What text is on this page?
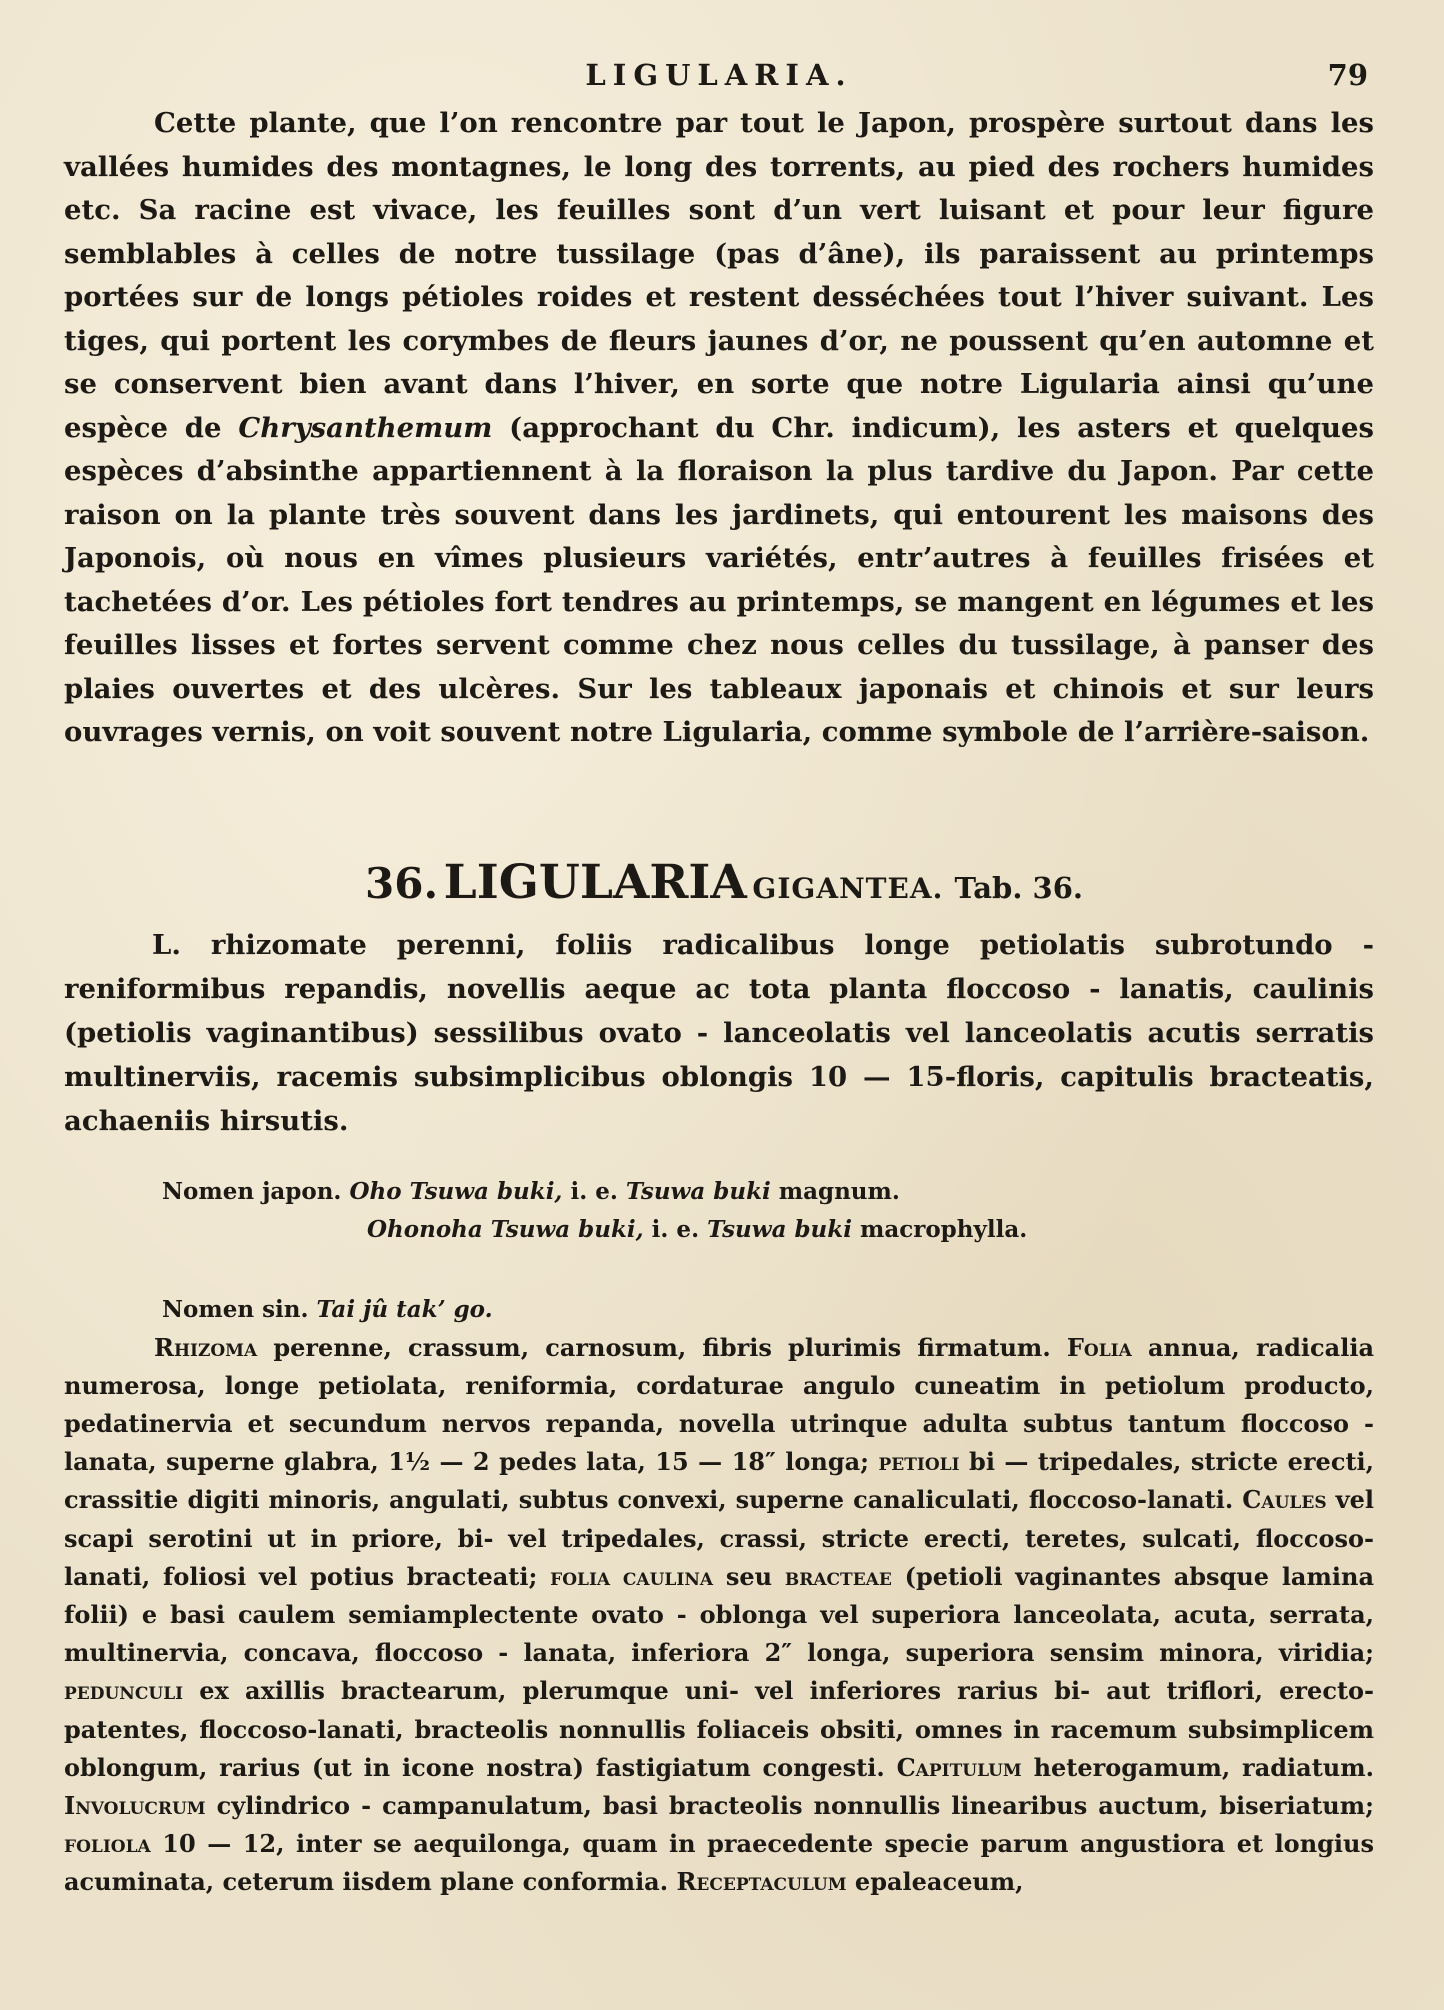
LIGULARIA.	79

Cette plante, que l’on rencontre par tout le Japon, prospère surtout dans les vallées humides des montagnes, le long des torrents, au pied des rochers humides etc. Sa racine est vivace, les feuilles sont d’un vert luisant et pour leur figure semblables à celles de notre tussilage (pas d’âne), ils paraissent au printemps portées sur de longs pétioles roides et restent desséchées tout l’hiver suivant. Les tiges, qui portent les corymbes de fleurs jaunes d’or, ne poussent qu’en automne et se conservent bien avant dans l’hiver, en sorte que notre Ligularia ainsi qu’une espèce de Chrysanthemum (approchant du Chr. indicum), les asters et quelques espèces d’absinthe appartiennent à la floraison la plus tardive du Japon. Par cette raison on la plante très souvent dans les jardinets, qui entourent les maisons des Japonois, où nous en vîmes plusieurs variétés, entr’autres à feuilles frisées et tachetées d’or. Les pétioles fort tendres au printemps, se mangent en légumes et les feuilles lisses et fortes servent comme chez nous celles du tussilage, à panser des plaies ouvertes et des ulcères. Sur les tableaux japonais et chinois et sur leurs ouvrages vernis, on voit souvent notre Ligularia, comme symbole de l’arrière-saison.

36. LIGULARIA GIGANTEA. Tab. 36.

L. rhizomate perenni, foliis radicalibus longe petiolatis subrotundo - reniformibus repandis, novellis aeque ac tota planta floccoso - lanatis, caulinis (petiolis vaginantibus) sessilibus ovato - lanceolatis vel lanceolatis acutis serratis multinerviis, racemis subsimplicibus oblongis 10 — 15-floris, capitulis bracteatis, achaeniis hirsutis.

Nomen japon. Oho Tsuwa buki, i. e. Tsuwa buki magnum.
Ohonoha Tsuwa buki, i. e. Tsuwa buki macrophylla.
Nomen sin. Tai jû tak’ go.

Rhizoma perenne, crassum, carnosum, fibris plurimis firmatum. Folia annua, radicalia numerosa, longe petiolata, reniformia, cordaturae angulo cuneatim in petiolum producto, pedatinervia et secundum nervos repanda, novella utrinque adulta subtus tantum floccoso - lanata, superne glabra, 1½ — 2 pedes lata, 15 — 18″ longa; petioli bi — tripedales, stricte erecti, crassitie digiti minoris, angulati, subtus convexi, superne canaliculati, floccoso-lanati. Caules vel scapi serotini ut in priore, bi- vel tripedales, crassi, stricte erecti, teretes, sulcati, floccoso-lanati, foliosi vel potius bracteati; folia caulina seu bracteae (petioli vaginantes absque lamina folii) e basi caulem semiamplectente ovato - oblonga vel superiora lanceolata, acuta, serrata, multinervia, concava, floccoso - lanata, inferiora 2″ longa, superiora sensim minora, viridia; pedunculi ex axillis bractearum, plerumque uni- vel inferiores rarius bi- aut triflori, erecto-patentes, floccoso-lanati, bracteolis nonnullis foliaceis obsiti, omnes in racemum subsimplicem oblongum, rarius (ut in icone nostra) fastigiatum congesti. Capitulum heterogamum, radiatum. Involucrum cylindrico - campanulatum, basi bracteolis nonnullis linearibus auctum, biseriatum; foliola 10 — 12, inter se aequilonga, quam in praecedente specie parum angustiora et longius acuminata, ceterum iisdem plane conformia. Receptaculum epaleaceum,
